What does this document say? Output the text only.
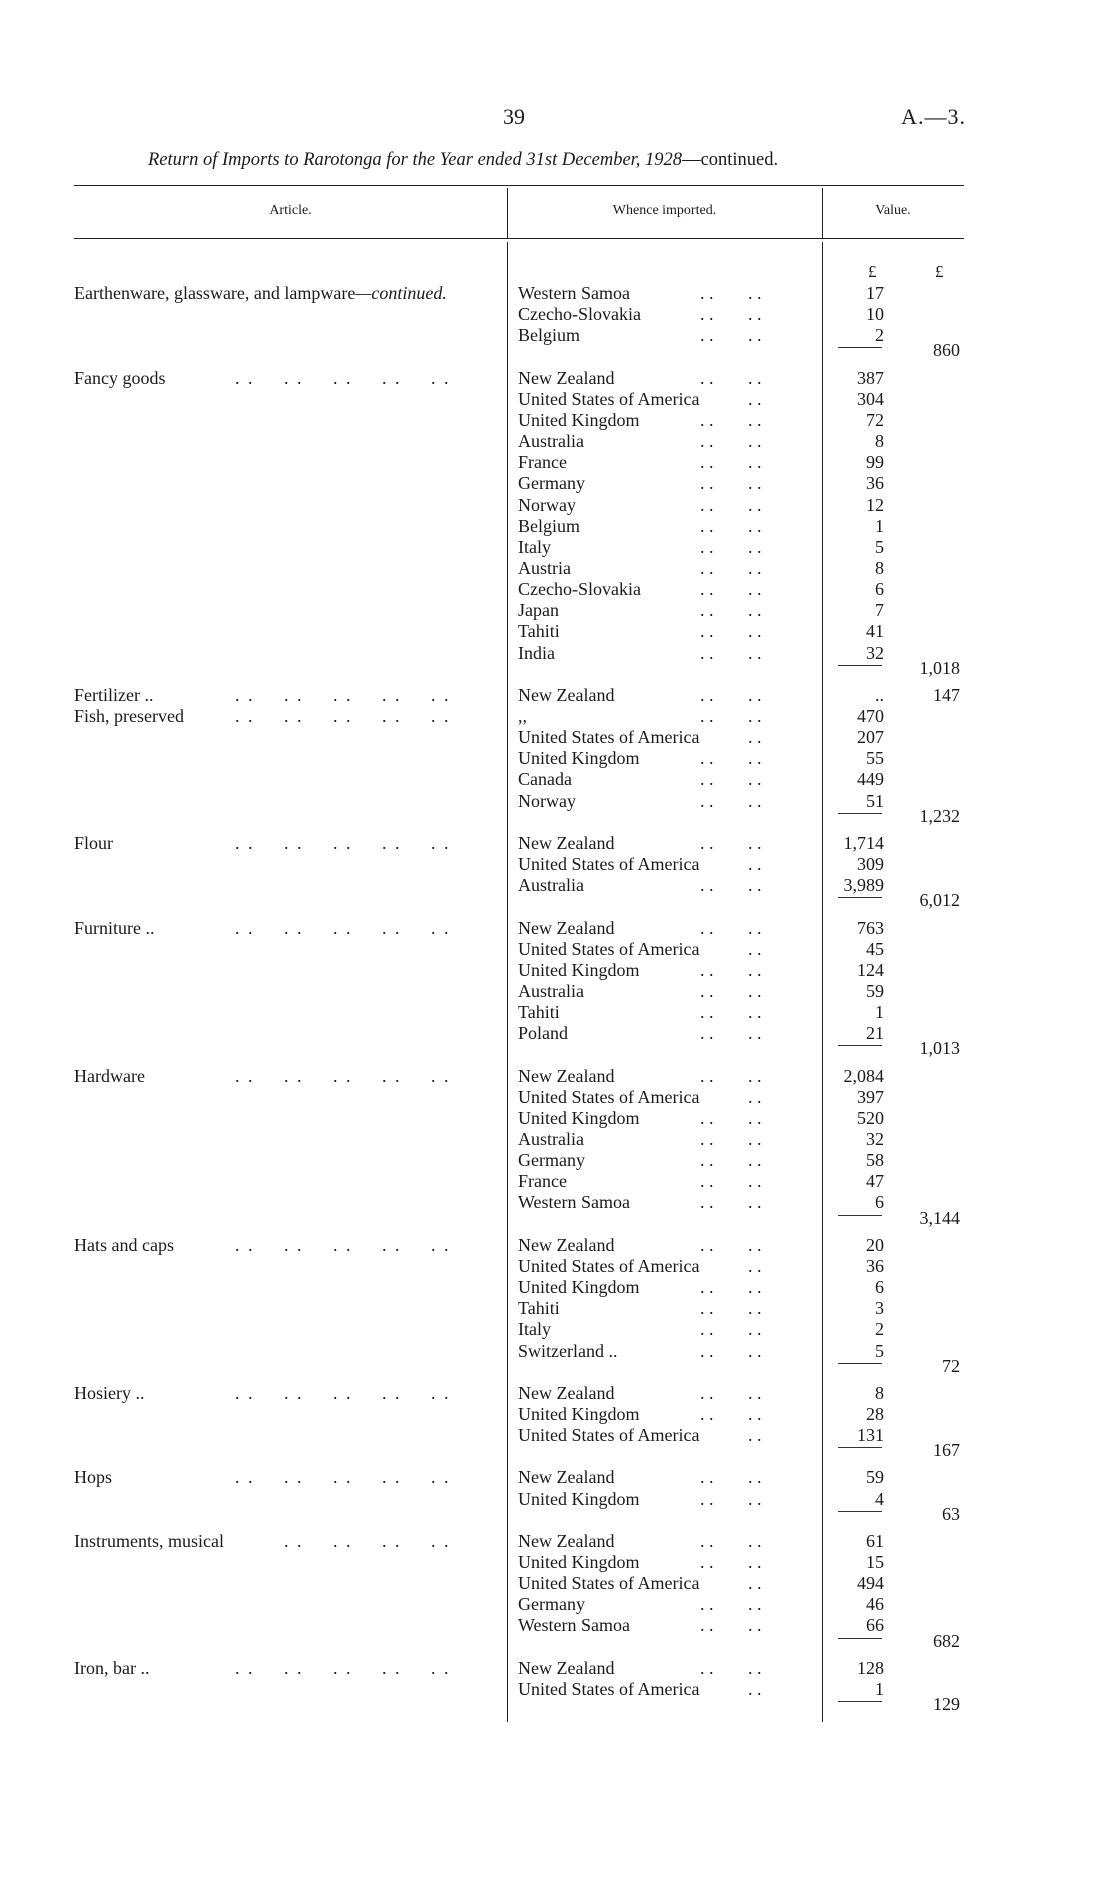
39	A.—3.
Return of Imports to Rarotonga for the Year ended 31st December, 1928—continued.
Article.	Whence imported.	Value.
£	£
Earthenware, glassware, and lampware—continued.	Western Samoa	. . . .	17
Czecho-Slovakia	. . . .	10
Belgium	. . . .	2
860
Fancy goods	. . . . . . . . . .	New Zealand	. . . .	387
United States of America	. .	304
United Kingdom	. . . .	72
Australia	. . . .	8
France	. . . .	99
Germany	. . . .	36
Norway	. . . .	12
Belgium	. . . .	1
Italy	. . . .	5
Austria	. . . .	8
Czecho-Slovakia	. . . .	6
Japan	. . . .	7
Tahiti	. . . .	41
India	. . . .	32
1,018
Fertilizer ..	. . . . . . . . . .	New Zealand	. . . .	..	147
Fish, preserved	. . . . . . . . . .	,,	. . . .	470
United States of America	. .	207
United Kingdom	. . . .	55
Canada	. . . .	449
Norway	. . . .	51
1,232
Flour	. . . . . . . . . .	New Zealand	. . . .	1,714
United States of America	. .	309
Australia	. . . .	3,989
6,012
Furniture ..	. . . . . . . . . .	New Zealand	. . . .	763
United States of America	. .	45
United Kingdom	. . . .	124
Australia	. . . .	59
Tahiti	. . . .	1
Poland	. . . .	21
1,013
Hardware	. . . . . . . . . .	New Zealand	. . . .	2,084
United States of America	. .	397
United Kingdom	. . . .	520
Australia	. . . .	32
Germany	. . . .	58
France	. . . .	47
Western Samoa	. . . .	6
3,144
Hats and caps	. . . . . . . . . .	New Zealand	. . . .	20
United States of America	. .	36
United Kingdom	. . . .	6
Tahiti	. . . .	3
Italy	. . . .	2
Switzerland ..	. . . .	5
72
Hosiery ..	. . . . . . . . . .	New Zealand	. . . .	8
United Kingdom	. . . .	28
United States of America	. .	131
167
Hops	. . . . . . . . . .	New Zealand	. . . .	59
United Kingdom	. . . .	4
63
Instruments, musical	. . . . . . . .	New Zealand	. . . .	61
United Kingdom	. . . .	15
United States of America	. .	494
Germany	. . . .	46
Western Samoa	. . . .	66
682
Iron, bar ..	. . . . . . . . . .	New Zealand	. . . .	128
United States of America	. .	1
129
